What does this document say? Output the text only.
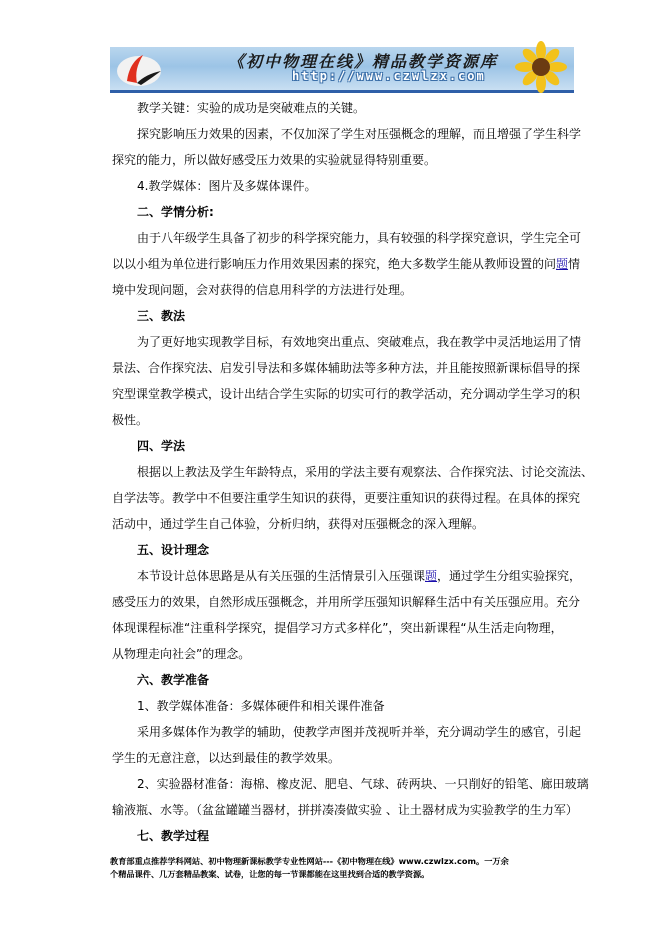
《初中物理在线》精品教学资源库
http://www.czwlzx.com
教学关键：实验的成功是突破难点的关键。
探究影响压力效果的因素，不仅加深了学生对压强概念的理解，而且增强了学生科学
探究的能力，所以做好感受压力效果的实验就显得特别重要。
4.教学媒体：图片及多媒体课件。
二、学情分析:
由于八年级学生具备了初步的科学探究能力，具有较强的科学探究意识，学生完全可
以以小组为单位进行影响压力作用效果因素的探究，绝大多数学生能从教师设置的问题情
境中发现问题，会对获得的信息用科学的方法进行处理。
三、教法
为了更好地实现教学目标，有效地突出重点、突破难点，我在教学中灵活地运用了情
景法、合作探究法、启发引导法和多媒体辅助法等多种方法，并且能按照新课标倡导的探
究型课堂教学模式，设计出结合学生实际的切实可行的教学活动，充分调动学生学习的积
极性。
四、学法
根据以上教法及学生年龄特点，采用的学法主要有观察法、合作探究法、讨论交流法、
自学法等。教学中不但要注重学生知识的获得，更要注重知识的获得过程。在具体的探究
活动中，通过学生自己体验，分析归纳，获得对压强概念的深入理解。
五、设计理念
本节设计总体思路是从有关压强的生活情景引入压强课题，通过学生分组实验探究，
感受压力的效果，自然形成压强概念，并用所学压强知识解释生活中有关压强应用。充分
体现课程标准“注重科学探究，提倡学习方式多样化”，突出新课程“从生活走向物理，
从物理走向社会”的理念。
六、教学准备
1、教学媒体准备：多媒体硬件和相关课件准备
采用多媒体作为教学的辅助，使教学声图并茂视听并举，充分调动学生的感官，引起
学生的无意注意，以达到最佳的教学效果。
2、实验器材准备：海棉、橡皮泥、肥皂、气球、砖两块、一只削好的铅笔、廊田玻璃
输液瓶、水等。（盆盆罐罐当器材，拼拼凑凑做实验 、让土器材成为实验教学的生力军）
七、教学过程
教育部重点推荐学科网站、初中物理新课标教学专业性网站---《初中物理在线》www.czwlzx.com。一万余
个精品课件、几万套精品教案、试卷，让您的每一节课都能在这里找到合适的教学资源。
